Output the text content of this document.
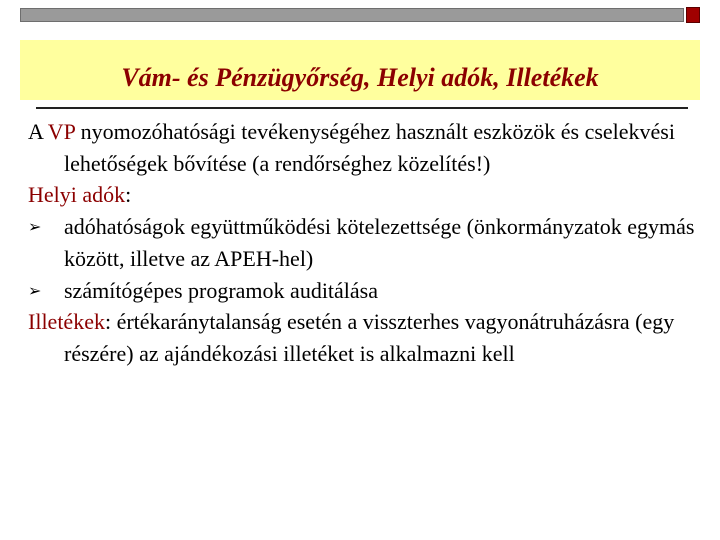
Vám- és Pénzügyőrség, Helyi adók, Illetékek

A VP nyomozóhatósági tevékenységéhez használt eszközök és cselekvési lehetőségek bővítése (a rendőrséghez közelítés!)

Helyi adók:

➢ adóhatóságok együttműködési kötelezettsége (önkormányzatok egymás között, illetve az APEH-hel)

➢ számítógépes programok auditálása

Illetékek: értékaránytalanság esetén a visszterhes vagyonátruházásra (egy részére) az ajándékozási illetéket is alkalmazni kell
